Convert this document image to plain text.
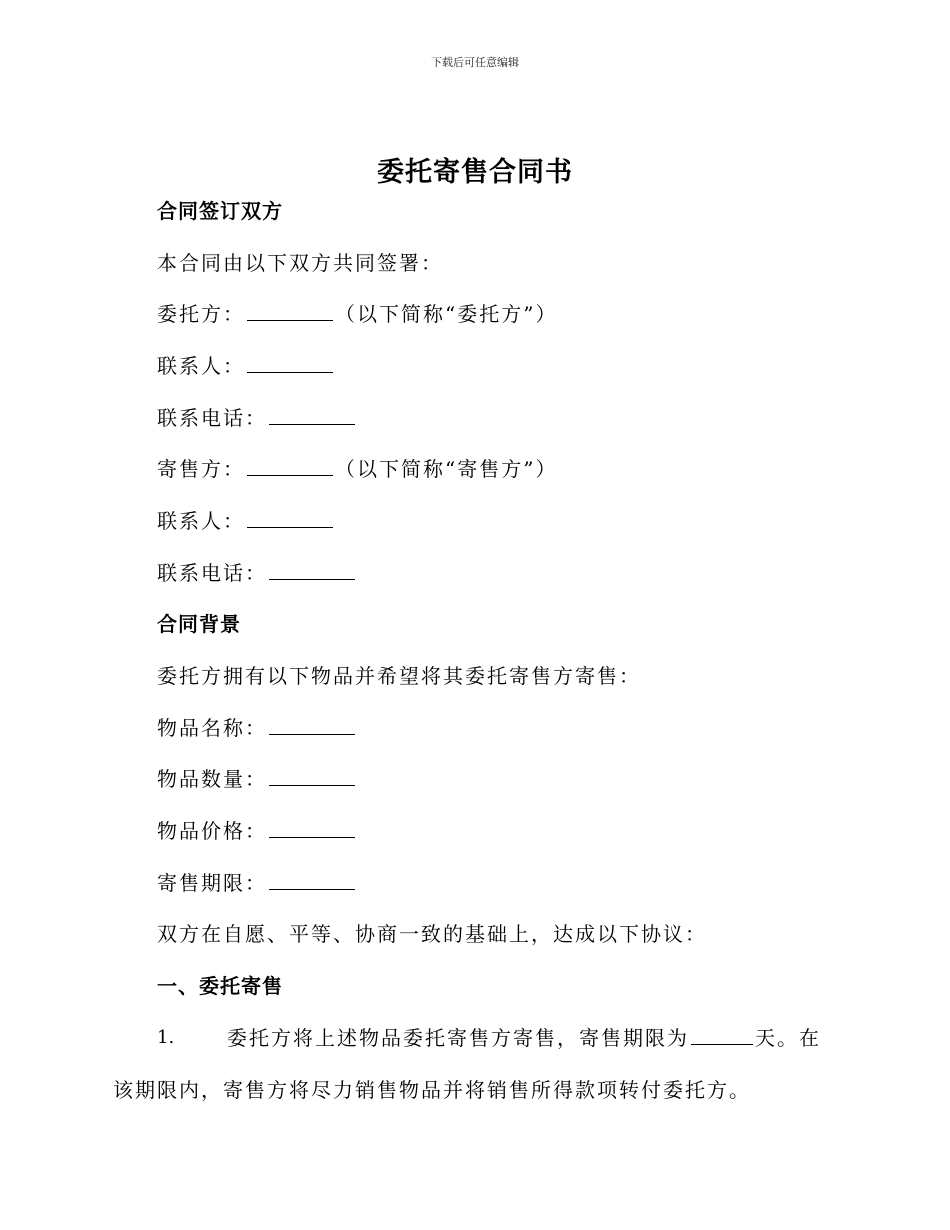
下载后可任意编辑
委托寄售合同书
合同签订双方
本合同由以下双方共同签署：
委托方：	（以下简称“委托方”）
联系人：
联系电话：
寄售方：	（以下简称“寄售方”）
联系人：
联系电话：
合同背景
委托方拥有以下物品并希望将其委托寄售方寄售：
物品名称：
物品数量：
物品价格：
寄售期限：
双方在自愿、平等、协商一致的基础上，达成以下协议：
一、委托寄售
1.	委托方将上述物品委托寄售方寄售，寄售期限为	天。在该期限内，寄售方将尽力销售物品并将销售所得款项转付委托方。
